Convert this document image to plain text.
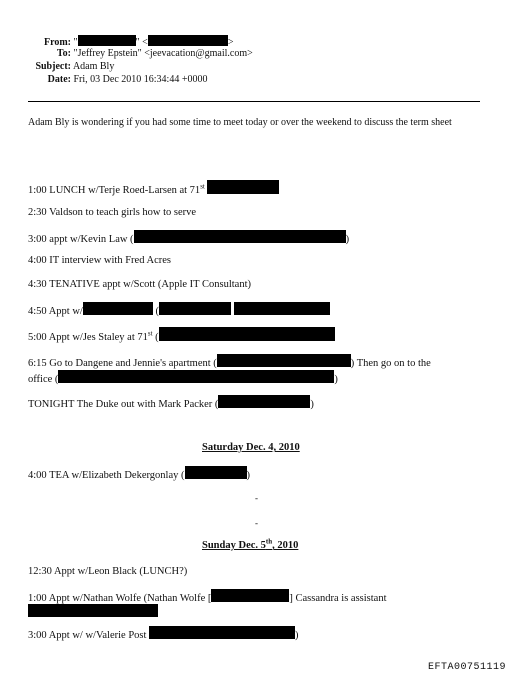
From: "	" <	>
To: "Jeffrey Epstein" <jeevacation@gmail.com>
Subject: Adam Bly
Date: Fri, 03 Dec 2010 16:34:44 +0000
Adam Bly is wondering if you had some time to meet today or over the weekend to discuss the term sheet
1:00 LUNCH w/Terje Roed-Larsen at 71st
2:30 Valdson to teach girls how to serve
3:00 appt w/Kevin Law (	)
4:00 IT interview with Fred Acres
4:30 TENATIVE appt w/Scott (Apple IT Consultant)
4:50 Appt w/	(
5:00 Appt w/Jes Staley at 71st (
6:15 Go to Dangene and Jennie's apartment (	) Then go on to the
office (	)
TONIGHT The Duke out with Mark Packer (	)
Saturday Dec. 4, 2010
4:00 TEA w/Elizabeth Dekergonlay (	)
-
-
Sunday Dec. 5th, 2010
12:30 Appt w/Leon Black (LUNCH?)
1:00 Appt w/Nathan Wolfe (Nathan Wolfe [	] Cassandra is assistant
3:00 Appt w/ w/Valerie Post	)
EFTA00751119
